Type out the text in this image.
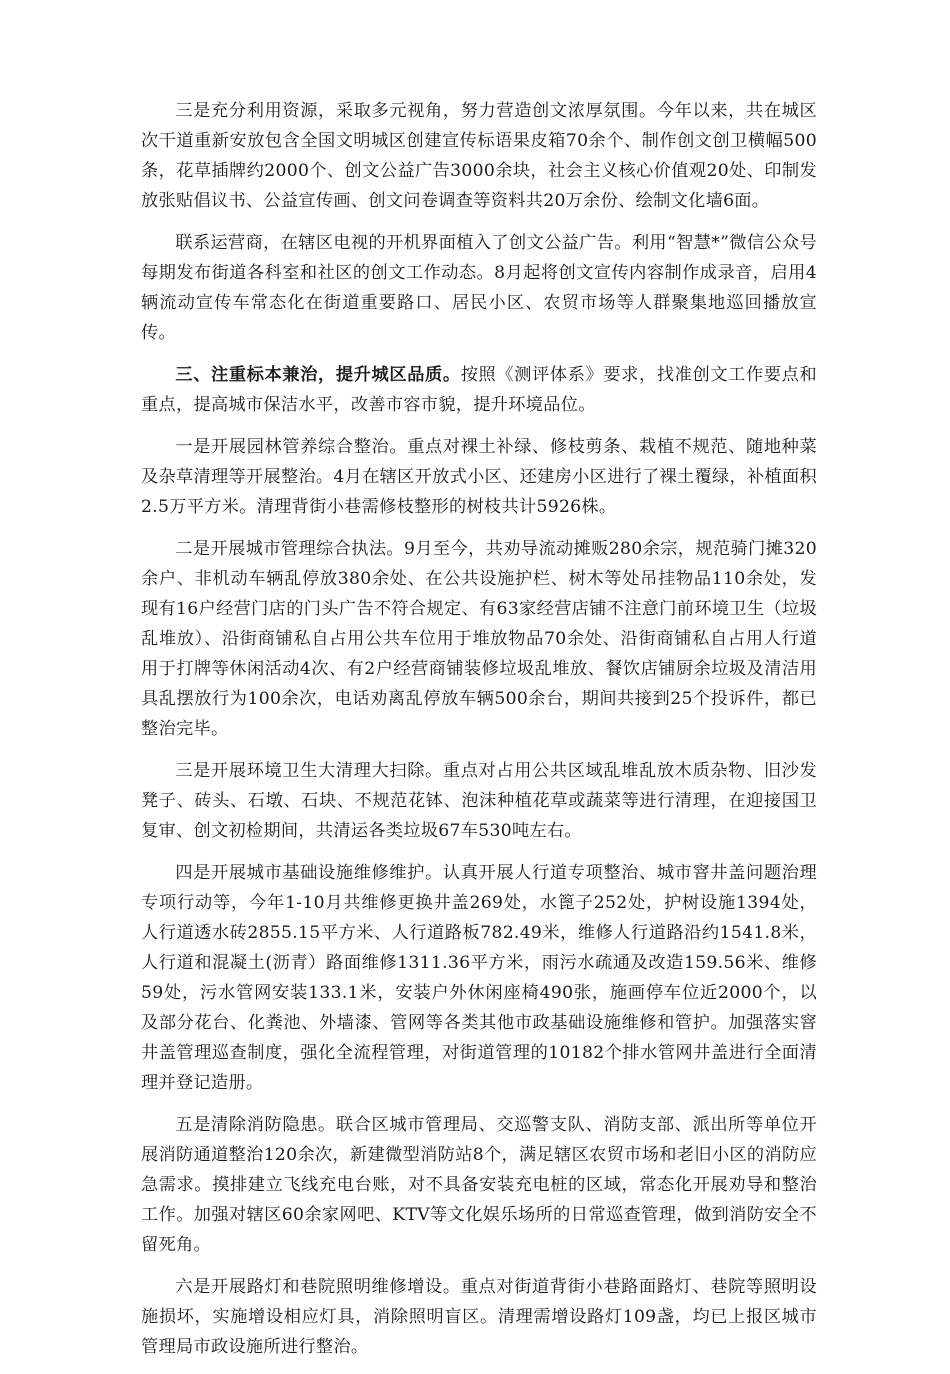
三是充分利用资源，采取多元视角，努力营造创文浓厚氛围。今年以来，共在城区次干道重新安放包含全国文明城区创建宣传标语果皮箱70余个、制作创文创卫横幅500条，花草插牌约2000个、创文公益广告3000余块，社会主义核心价值观20处、印制发放张贴倡议书、公益宣传画、创文问卷调查等资料共20万余份、绘制文化墙6面。

联系运营商，在辖区电视的开机界面植入了创文公益广告。利用“智慧*”微信公众号每期发布街道各科室和社区的创文工作动态。8月起将创文宣传内容制作成录音，启用4辆流动宣传车常态化在街道重要路口、居民小区、农贸市场等人群聚集地巡回播放宣传。

三、注重标本兼治，提升城区品质。按照《测评体系》要求，找准创文工作要点和重点，提高城市保洁水平，改善市容市貌，提升环境品位。

一是开展园林管养综合整治。重点对裸土补绿、修枝剪条、栽植不规范、随地种菜及杂草清理等开展整治。4月在辖区开放式小区、还建房小区进行了裸土覆绿，补植面积2.5万平方米。清理背街小巷需修枝整形的树枝共计5926株。

二是开展城市管理综合执法。9月至今，共劝导流动摊贩280余宗，规范骑门摊320余户、非机动车辆乱停放380余处、在公共设施护栏、树木等处吊挂物品110余处，发现有16户经营门店的门头广告不符合规定、有63家经营店铺不注意门前环境卫生（垃圾乱堆放）、沿街商铺私自占用公共车位用于堆放物品70余处、沿街商铺私自占用人行道用于打牌等休闲活动4次、有2户经营商铺装修垃圾乱堆放、餐饮店铺厨余垃圾及清洁用具乱摆放行为100余次，电话劝离乱停放车辆500余台，期间共接到25个投诉件，都已整治完毕。

三是开展环境卫生大清理大扫除。重点对占用公共区域乱堆乱放木质杂物、旧沙发凳子、砖头、石墩、石块、不规范花钵、泡沫种植花草或蔬菜等进行清理，在迎接国卫复审、创文初检期间，共清运各类垃圾67车530吨左右。

四是开展城市基础设施维修维护。认真开展人行道专项整治、城市窨井盖问题治理专项行动等，今年1-10月共维修更换井盖269处，水篦子252处，护树设施1394处，人行道透水砖2855.15平方米、人行道路板782.49米，维修人行道路沿约1541.8米，人行道和混凝土(沥青）路面维修1311.36平方米，雨污水疏通及改造159.56米、维修59处，污水管网安装133.1米，安装户外休闲座椅490张，施画停车位近2000个，以及部分花台、化粪池、外墙漆、管网等各类其他市政基础设施维修和管护。加强落实窨井盖管理巡查制度，强化全流程管理，对街道管理的10182个排水管网井盖进行全面清理并登记造册。

五是清除消防隐患。联合区城市管理局、交巡警支队、消防支部、派出所等单位开展消防通道整治120余次，新建微型消防站8个，满足辖区农贸市场和老旧小区的消防应急需求。摸排建立飞线充电台账，对不具备安装充电桩的区域，常态化开展劝导和整治工作。加强对辖区60余家网吧、KTV等文化娱乐场所的日常巡查管理，做到消防安全不留死角。

六是开展路灯和巷院照明维修增设。重点对街道背街小巷路面路灯、巷院等照明设施损坏，实施增设相应灯具，消除照明盲区。清理需增设路灯109盏，均已上报区城市管理局市政设施所进行整治。
